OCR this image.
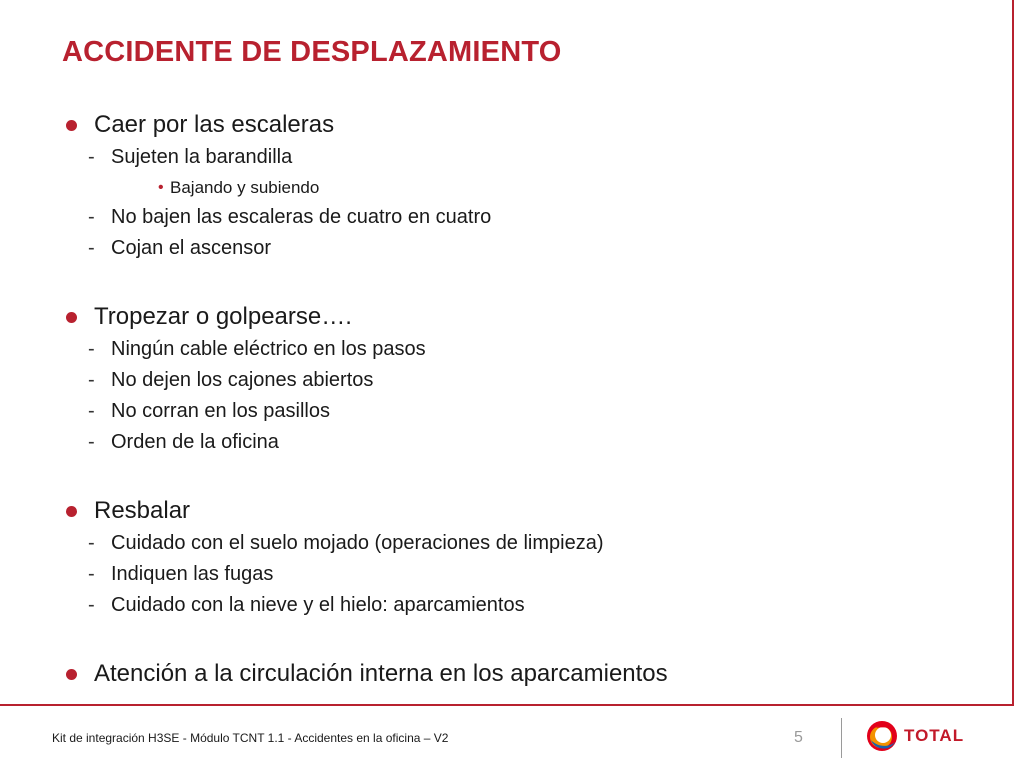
ACCIDENTE DE DESPLAZAMIENTO
Caer por las escaleras
- Sujeten la barandilla
• Bajando y subiendo
- No bajen las escaleras de cuatro en cuatro
- Cojan el ascensor
Tropezar o golpearse….
- Ningún cable eléctrico en los pasos
- No dejen los cajones abiertos
- No corran en los pasillos
- Orden de la oficina
Resbalar
- Cuidado con el suelo mojado (operaciones de limpieza)
- Indiquen las fugas
- Cuidado con la nieve y el hielo: aparcamientos
Atención a la circulación interna en los aparcamientos
Kit de integración H3SE - Módulo TCNT 1.1 - Accidentes en la oficina – V2	5	TOTAL
